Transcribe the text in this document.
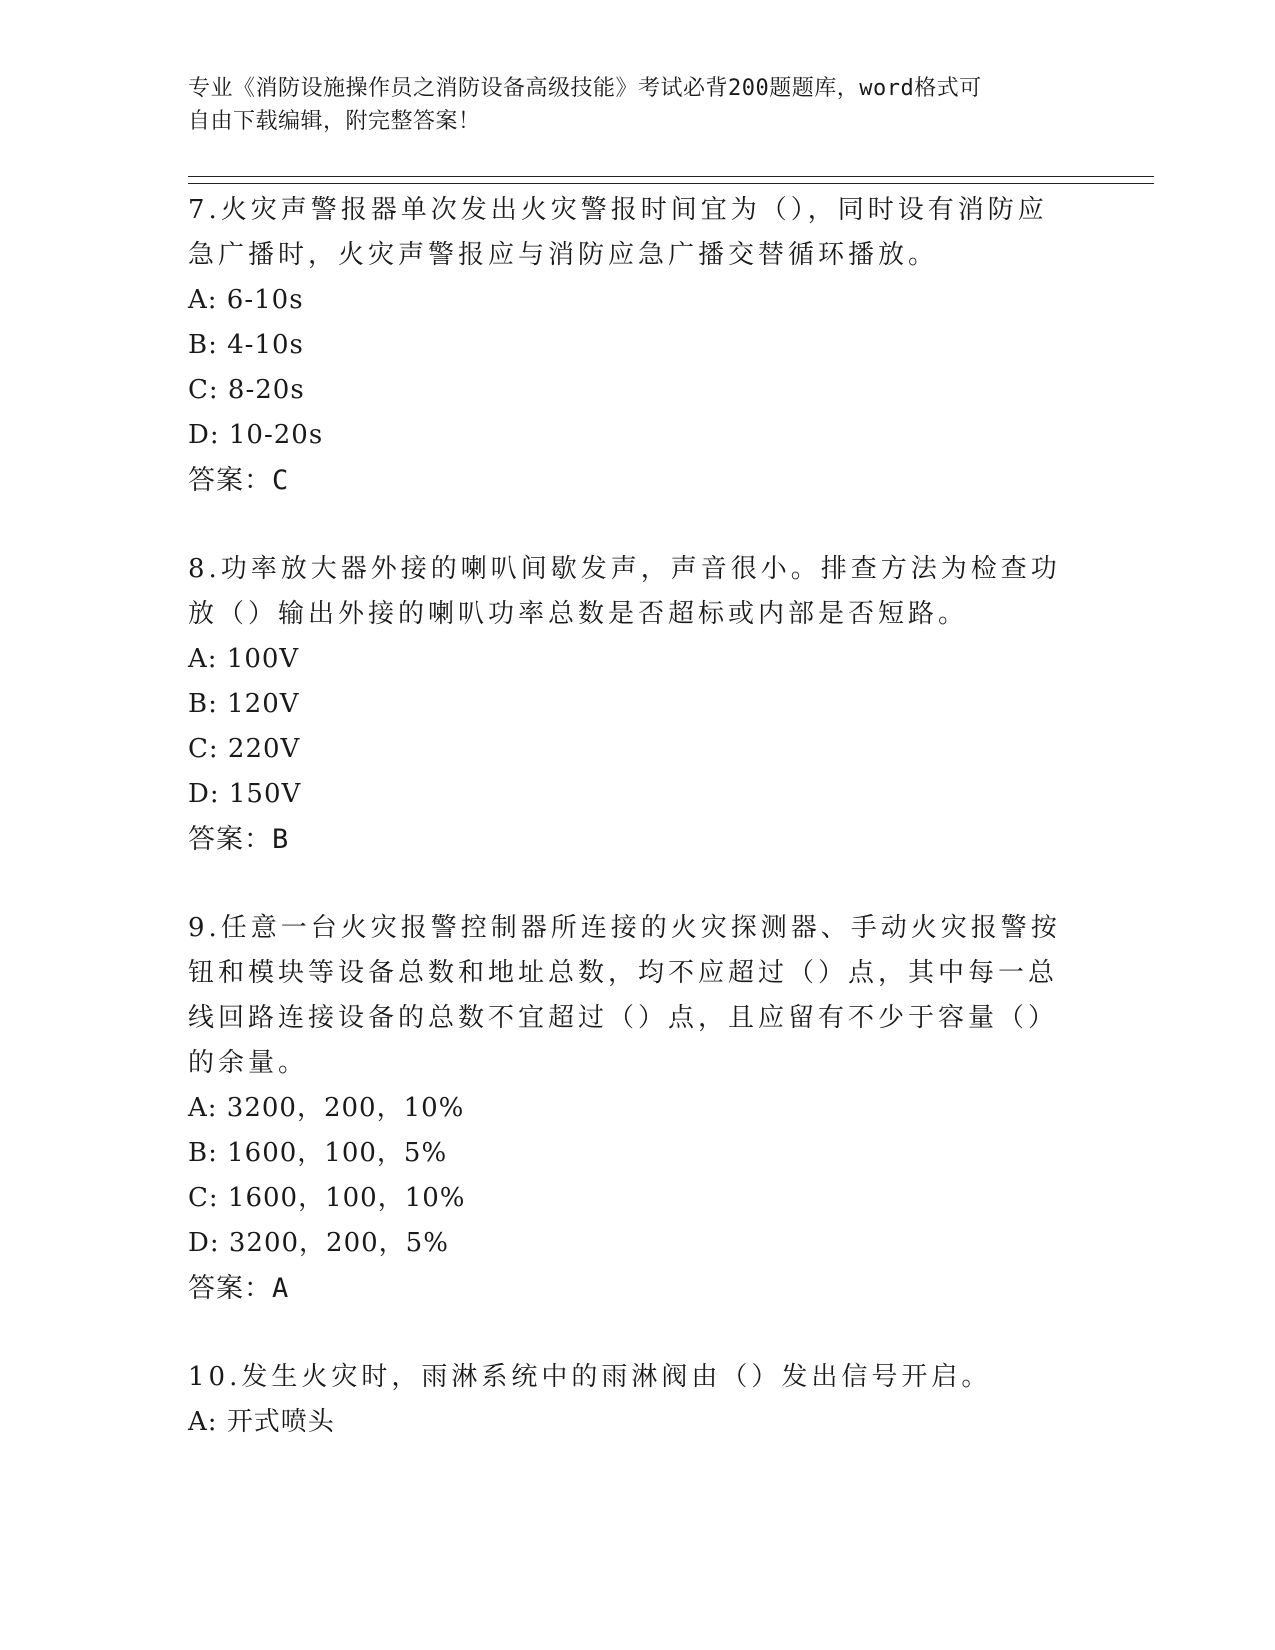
专业《消防设施操作员之消防设备高级技能》考试必背200题题库，word格式可
自由下载编辑，附完整答案！
7.火灾声警报器单次发出火灾警报时间宜为（），同时设有消防应急广播时，火灾声警报应与消防应急广播交替循环播放。
A: 6-10s
B: 4-10s
C: 8-20s
D: 10-20s
答案：C
8.功率放大器外接的喇叭间歇发声，声音很小。排查方法为检查功放（）输出外接的喇叭功率总数是否超标或内部是否短路。
A: 100V
B: 120V
C: 220V
D: 150V
答案：B
9.任意一台火灾报警控制器所连接的火灾探测器、手动火灾报警按钮和模块等设备总数和地址总数，均不应超过（）点，其中每一总线回路连接设备的总数不宜超过（）点，且应留有不少于容量（）的余量。
A: 3200，200，10%
B: 1600，100，5%
C: 1600，100，10%
D: 3200，200，5%
答案：A
10.发生火灾时，雨淋系统中的雨淋阀由（）发出信号开启。
A: 开式喷头
